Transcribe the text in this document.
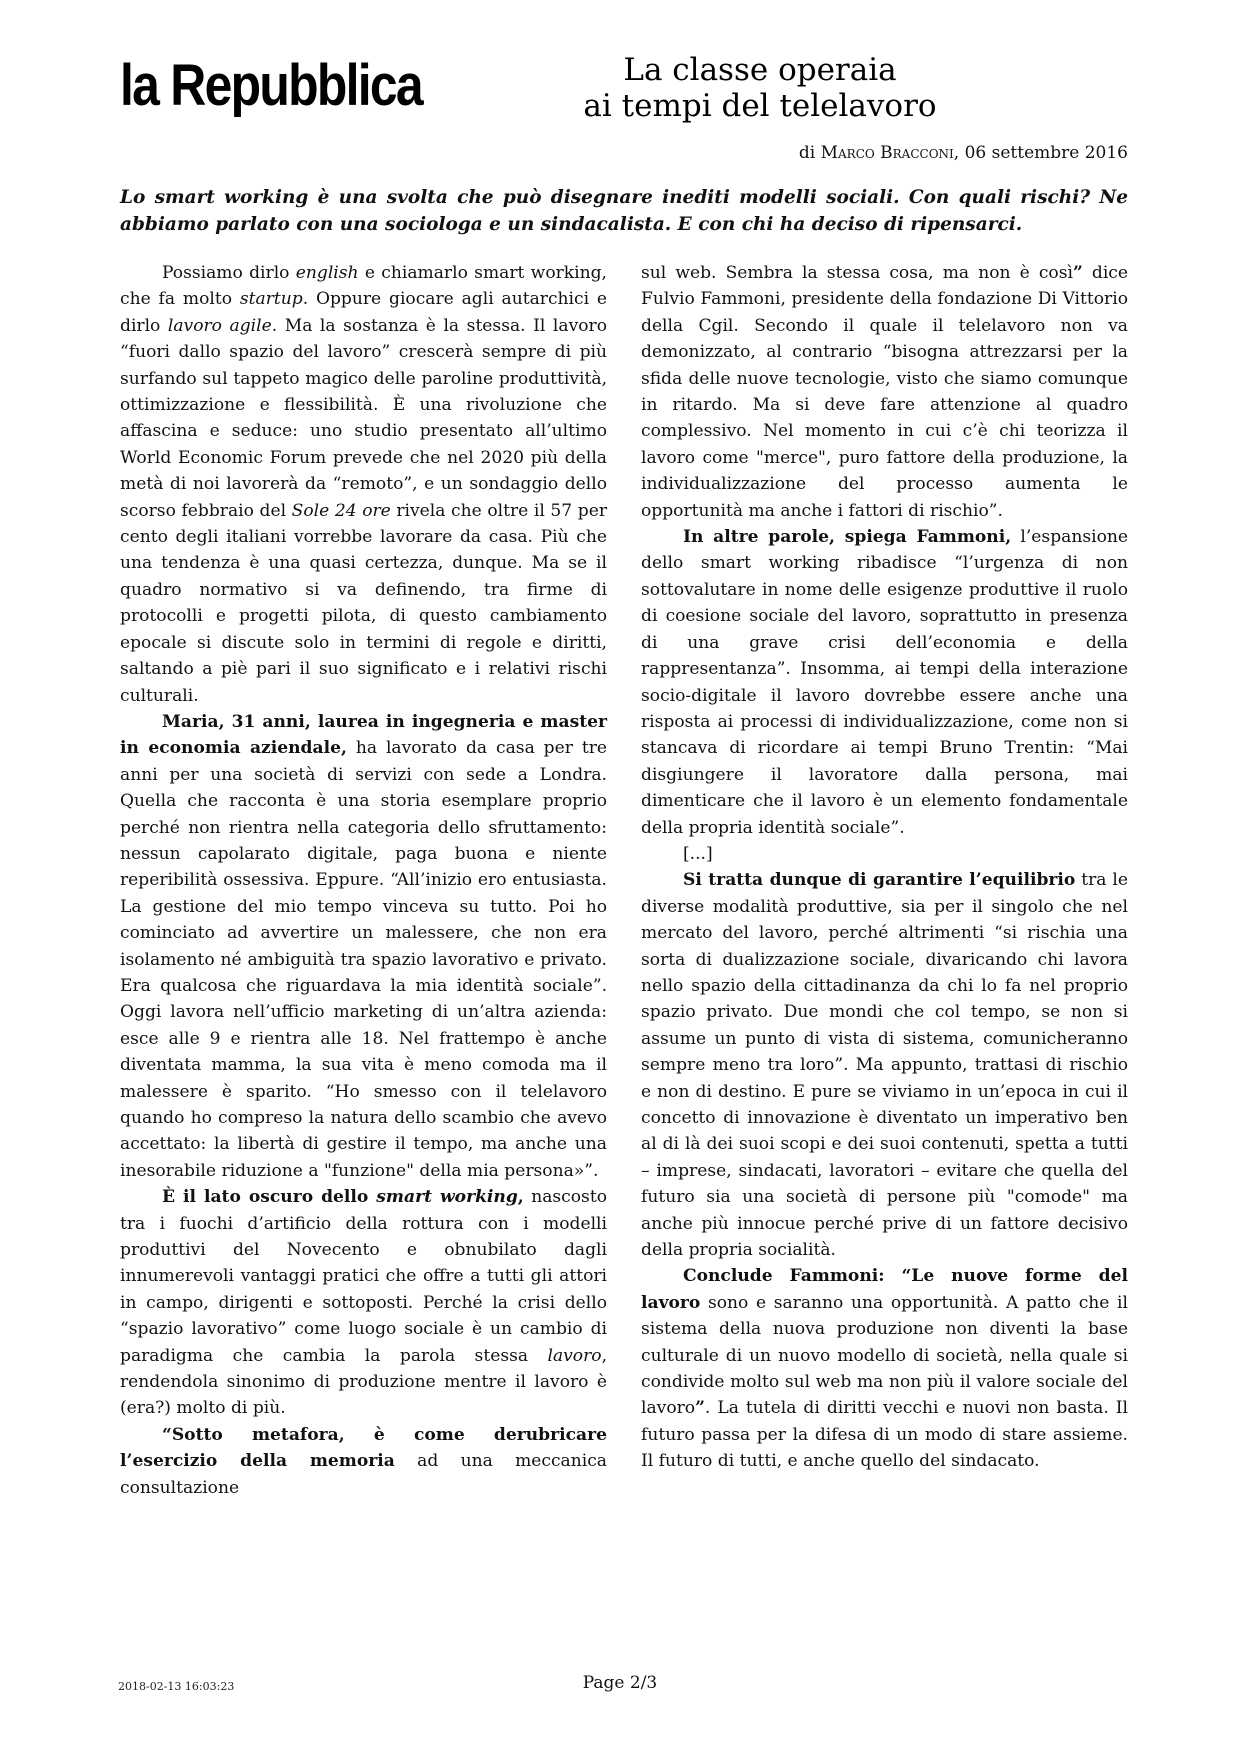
la Repubblica	La classe operaia
ai tempi del telelavoro
di Marco Bracconi, 06 settembre 2016
Lo smart working è una svolta che può disegnare inediti modelli sociali. Con quali rischi? Ne abbiamo parlato con una sociologa e un sindacalista. E con chi ha deciso di ripensarci.

Possiamo dirlo english e chiamarlo smart working, che fa molto startup. Oppure giocare agli autarchici e dirlo lavoro agile. Ma la sostanza è la stessa. Il lavoro “fuori dallo spazio del lavoro” crescerà sempre di più surfando sul tappeto magico delle paroline produttività, ottimizzazione e flessibilità. È una rivoluzione che affascina e seduce: uno studio presentato all’ultimo World Economic Forum prevede che nel 2020 più della metà di noi lavorerà da “remoto”, e un sondaggio dello scorso febbraio del Sole 24 ore rivela che oltre il 57 per cento degli italiani vorrebbe lavorare da casa. Più che una tendenza è una quasi certezza, dunque. Ma se il quadro normativo si va definendo, tra firme di protocolli e progetti pilota, di questo cambiamento epocale si discute solo in termini di regole e diritti, saltando a piè pari il suo significato e i relativi rischi culturali.

Maria, 31 anni, laurea in ingegneria e master in economia aziendale, ha lavorato da casa per tre anni per una società di servizi con sede a Londra. Quella che racconta è una storia esemplare proprio perché non rientra nella categoria dello sfruttamento: nessun capolarato digitale, paga buona e niente reperibilità ossessiva. Eppure. “All’inizio ero entusiasta. La gestione del mio tempo vinceva su tutto. Poi ho cominciato ad avvertire un malessere, che non era isolamento né ambiguità tra spazio lavorativo e privato. Era qualcosa che riguardava la mia identità sociale”. Oggi lavora nell’ufficio marketing di un’altra azienda: esce alle 9 e rientra alle 18. Nel frattempo è anche diventata mamma, la sua vita è meno comoda ma il malessere è sparito. “Ho smesso con il telelavoro quando ho compreso la natura dello scambio che avevo accettato: la libertà di gestire il tempo, ma anche una inesorabile riduzione a "funzione" della mia persona»”.

È il lato oscuro dello smart working, nascosto tra i fuochi d’artificio della rottura con i modelli produttivi del Novecento e obnubilato dagli innumerevoli vantaggi pratici che offre a tutti gli attori in campo, dirigenti e sottoposti. Perché la crisi dello “spazio lavorativo” come luogo sociale è un cambio di paradigma che cambia la parola stessa lavoro, rendendola sinonimo di produzione mentre il lavoro è (era?) molto di più.

“Sotto metafora, è come derubricare l’esercizio della memoria ad una meccanica consultazione

sul web. Sembra la stessa cosa, ma non è così” dice Fulvio Fammoni, presidente della fondazione Di Vittorio della Cgil. Secondo il quale il telelavoro non va demonizzato, al contrario “bisogna attrezzarsi per la sfida delle nuove tecnologie, visto che siamo comunque in ritardo. Ma si deve fare attenzione al quadro complessivo. Nel momento in cui c’è chi teorizza il lavoro come "merce", puro fattore della produzione, la individualizzazione del processo aumenta le opportunità ma anche i fattori di rischio”.

In altre parole, spiega Fammoni, l’espansione dello smart working ribadisce “l’urgenza di non sottovalutare in nome delle esigenze produttive il ruolo di coesione sociale del lavoro, soprattutto in presenza di una grave crisi dell’economia e della rappresentanza”. Insomma, ai tempi della interazione socio-digitale il lavoro dovrebbe essere anche una risposta ai processi di individualizzazione, come non si stancava di ricordare ai tempi Bruno Trentin: “Mai disgiungere il lavoratore dalla persona, mai dimenticare che il lavoro è un elemento fondamentale della propria identità sociale”.

[...]

Si tratta dunque di garantire l’equilibrio tra le diverse modalità produttive, sia per il singolo che nel mercato del lavoro, perché altrimenti “si rischia una sorta di dualizzazione sociale, divaricando chi lavora nello spazio della cittadinanza da chi lo fa nel proprio spazio privato. Due mondi che col tempo, se non si assume un punto di vista di sistema, comunicheranno sempre meno tra loro”. Ma appunto, trattasi di rischio e non di destino. E pure se viviamo in un’epoca in cui il concetto di innovazione è diventato un imperativo ben al di là dei suoi scopi e dei suoi contenuti, spetta a tutti – imprese, sindacati, lavoratori – evitare che quella del futuro sia una società di persone più "comode" ma anche più innocue perché prive di un fattore decisivo della propria socialità.

Conclude Fammoni: “Le nuove forme del lavoro sono e saranno una opportunità. A patto che il sistema della nuova produzione non diventi la base culturale di un nuovo modello di società, nella quale si condivide molto sul web ma non più il valore sociale del lavoro”. La tutela di diritti vecchi e nuovi non basta. Il futuro passa per la difesa di un modo di stare assieme. Il futuro di tutti, e anche quello del sindacato.

2018-02-13 16:03:23	Page 2/3
